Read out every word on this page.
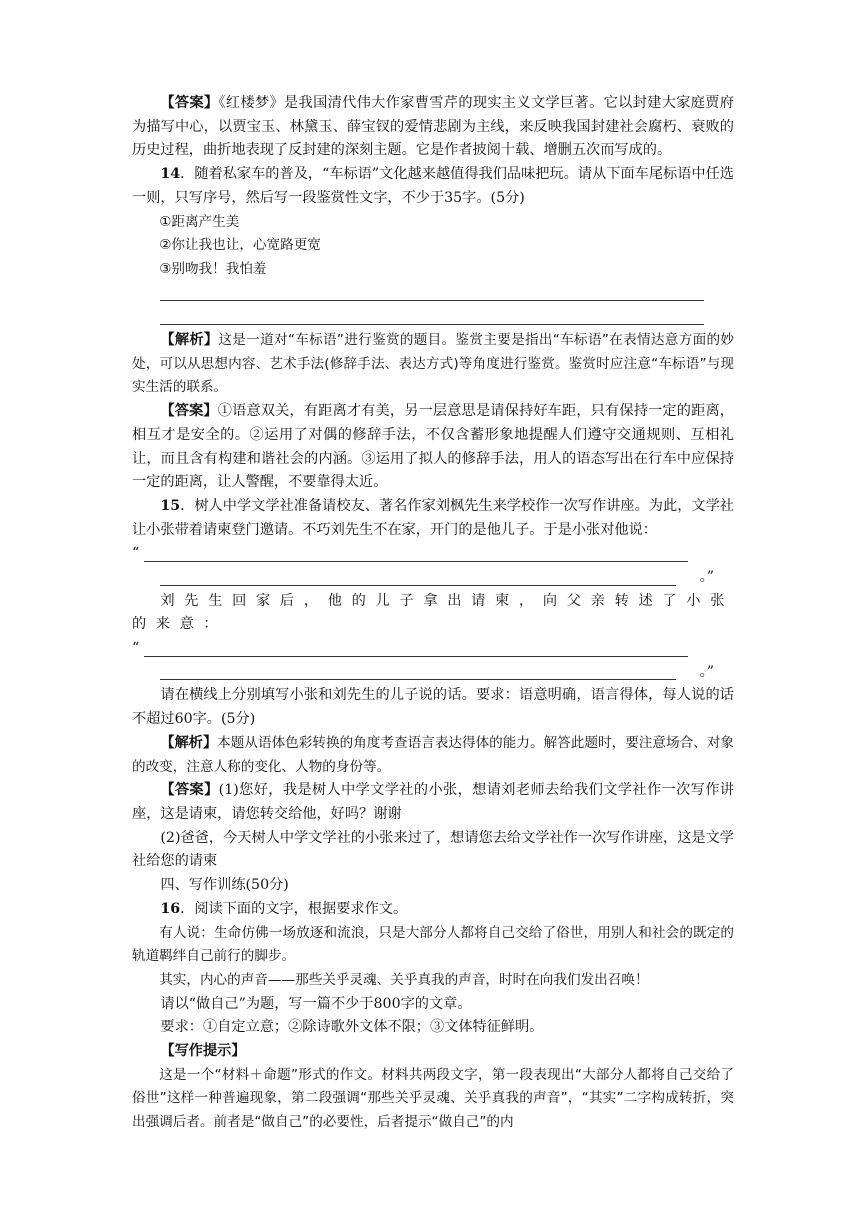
【答案】《红楼梦》是我国清代伟大作家曹雪芹的现实主义文学巨著。它以封建大家庭贾府为描写中心，以贾宝玉、林黛玉、薛宝钗的爱情悲剧为主线，来反映我国封建社会腐朽、衰败的历史过程，曲折地表现了反封建的深刻主题。它是作者披阅十载、增删五次而写成的。

14．随着私家车的普及，“车标语”文化越来越值得我们品味把玩。请从下面车尾标语中任选一则，只写序号，然后写一段鉴赏性文字，不少于35字。(5分)

①距离产生美

②你让我也让，心宽路更宽

③别吻我！我怕羞

【解析】这是一道对“车标语”进行鉴赏的题目。鉴赏主要是指出“车标语”在表情达意方面的妙处，可以从思想内容、艺术手法(修辞手法、表达方式)等角度进行鉴赏。鉴赏时应注意“车标语”与现实生活的联系。

【答案】①语意双关，有距离才有美，另一层意思是请保持好车距，只有保持一定的距离，相互才是安全的。②运用了对偶的修辞手法，不仅含蓄形象地提醒人们遵守交通规则、互相礼让，而且含有构建和谐社会的内涵。③运用了拟人的修辞手法，用人的语态写出在行车中应保持一定的距离，让人警醒，不要靠得太近。

15．树人中学文学社准备请校友、著名作家刘枫先生来学校作一次写作讲座。为此，文学社让小张带着请柬登门邀请。不巧刘先生不在家，开门的是他儿子。于是小张对他说：

“
。”

刘先生回家后，他的儿子拿出请柬，向父亲转述了小张的来意：

“
。”

请在横线上分别填写小张和刘先生的儿子说的话。要求：语意明确，语言得体，每人说的话不超过60字。(5分)

【解析】本题从语体色彩转换的角度考查语言表达得体的能力。解答此题时，要注意场合、对象的改变，注意人称的变化、人物的身份等。

【答案】(1)您好，我是树人中学文学社的小张，想请刘老师去给我们文学社作一次写作讲座，这是请柬，请您转交给他，好吗？谢谢

(2)爸爸，今天树人中学文学社的小张来过了，想请您去给文学社作一次写作讲座，这是文学社给您的请柬

四、写作训练(50分)

16．阅读下面的文字，根据要求作文。

有人说：生命仿佛一场放逐和流浪，只是大部分人都将自己交给了俗世，用别人和社会的既定的轨道羁绊自己前行的脚步。

其实，内心的声音——那些关乎灵魂、关乎真我的声音，时时在向我们发出召唤！

请以“做自己”为题，写一篇不少于800字的文章。

要求：①自定立意；②除诗歌外文体不限；③文体特征鲜明。

【写作提示】

这是一个“材料＋命题”形式的作文。材料共两段文字，第一段表现出“大部分人都将自己交给了俗世”这样一种普遍现象，第二段强调“那些关乎灵魂、关乎真我的声音”，“其实”二字构成转折，突出强调后者。前者是“做自己”的必要性，后者提示“做自己”的内
